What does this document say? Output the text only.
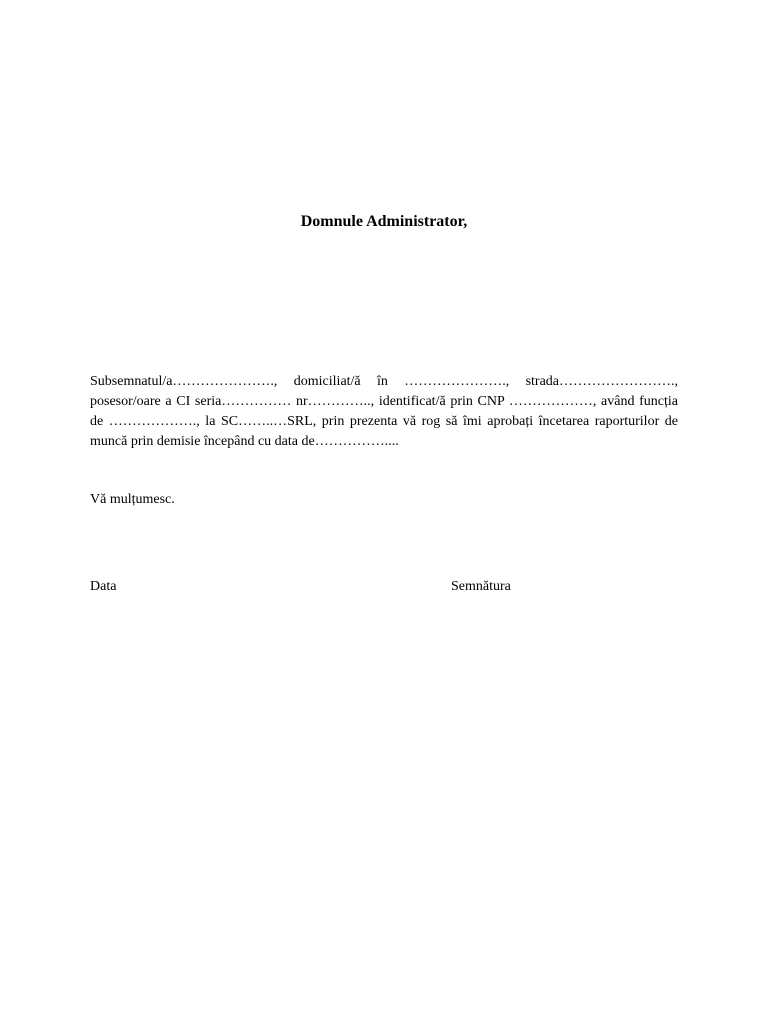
Domnule Administrator,

Subsemnatul/a…………………., domiciliat/ă în …………………., strada……………………., posesor/oare a CI seria…………… nr………….., identificat/ă prin CNP ………………, având funcția de ………………., la SC……..…SRL, prin prezenta vă rog să îmi aprobați încetarea raporturilor de muncă prin demisie începând cu data de……………....

Vă mulțumesc.

Data	Semnătura
